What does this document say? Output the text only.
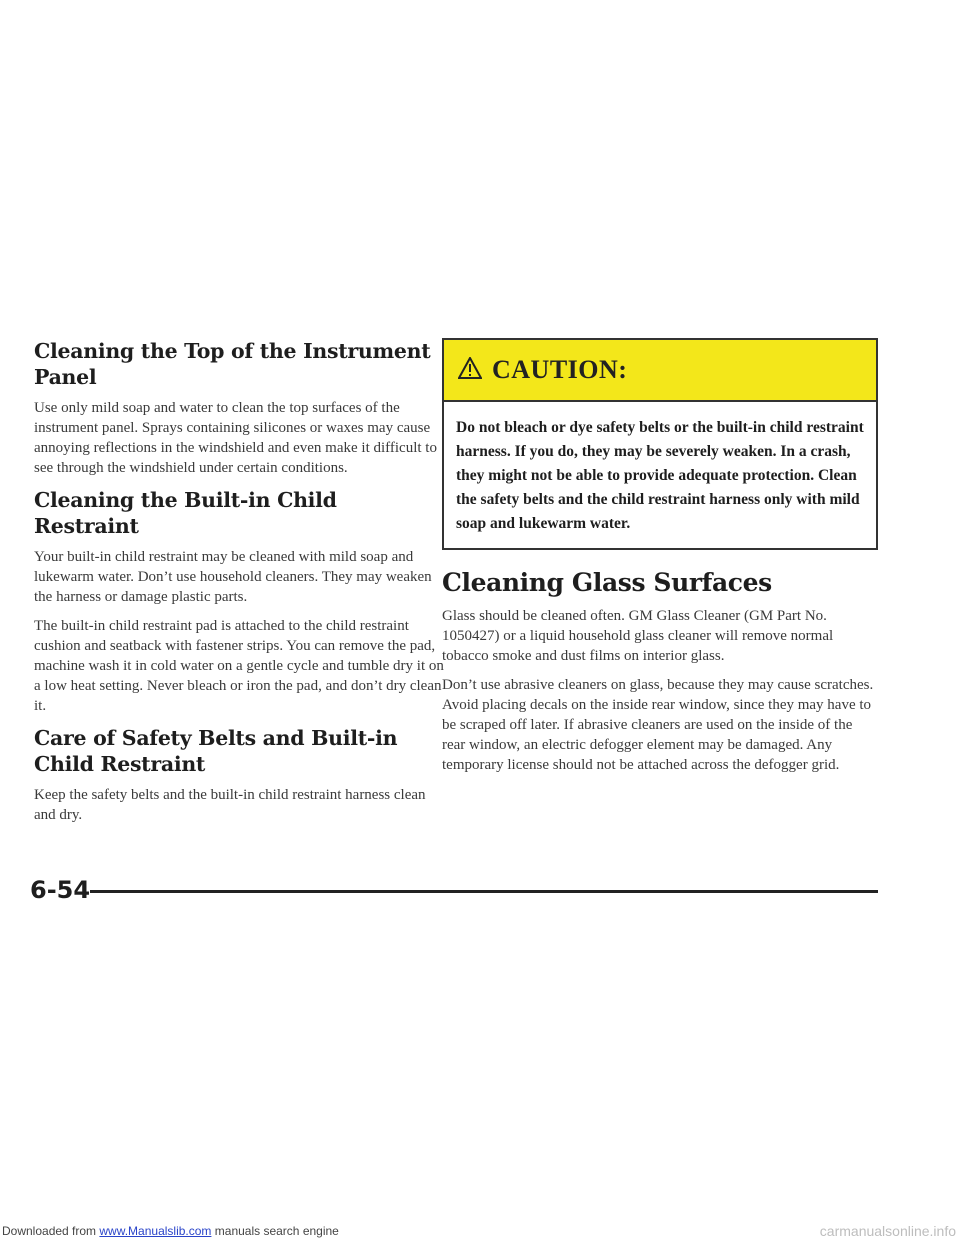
Cleaning the Top of the Instrument Panel

Use only mild soap and water to clean the top surfaces of the instrument panel. Sprays containing silicones or waxes may cause annoying reflections in the windshield and even make it difficult to see through the windshield under certain conditions.

Cleaning the Built-in Child Restraint

Your built-in child restraint may be cleaned with mild soap and lukewarm water. Don’t use household cleaners. They may weaken the harness or damage plastic parts.

The built-in child restraint pad is attached to the child restraint cushion and seatback with fastener strips. You can remove the pad, machine wash it in cold water on a gentle cycle and tumble dry it on a low heat setting. Never bleach or iron the pad, and don’t dry clean it.

Care of Safety Belts and Built-in
Child Restraint

Keep the safety belts and the built-in child restraint harness clean and dry.

CAUTION:
Do not bleach or dye safety belts or the built-in child restraint harness. If you do, they may be severely weaken. In a crash, they might not be able to provide adequate protection. Clean the safety belts and the child restraint harness only with mild soap and lukewarm water.
Cleaning Glass Surfaces

Glass should be cleaned often. GM Glass Cleaner (GM Part No. 1050427) or a liquid household glass cleaner will remove normal tobacco smoke and dust films on interior glass.

Don’t use abrasive cleaners on glass, because they may cause scratches. Avoid placing decals on the inside rear window, since they may have to be scraped off later. If abrasive cleaners are used on the inside of the rear window, an electric defogger element may be damaged. Any temporary license should not be attached across the defogger grid.

6-54
Downloaded from www.Manualslib.com manuals search engine	carmanualsonline.info
